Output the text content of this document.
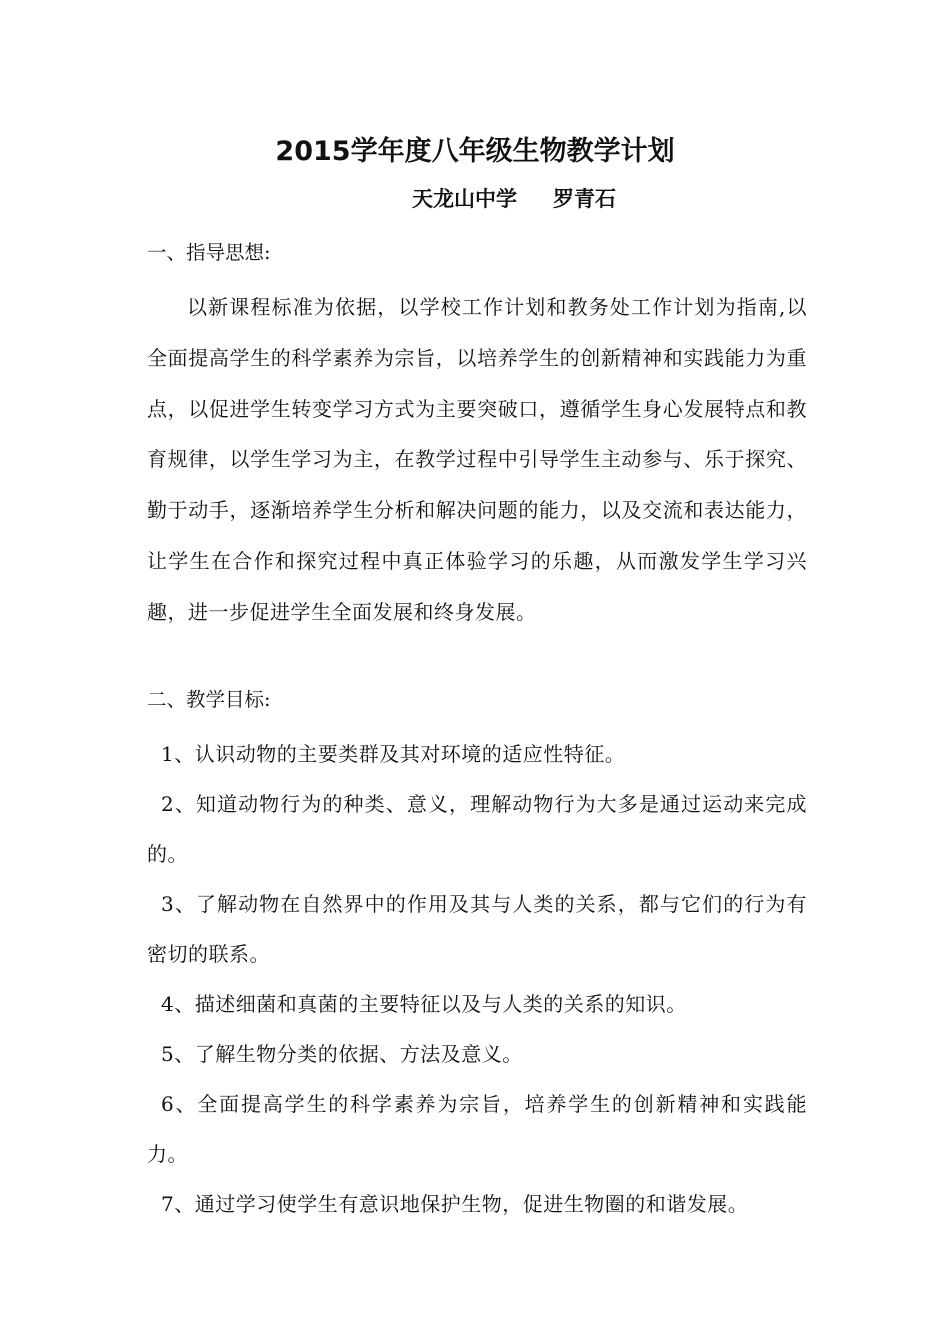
2015学年度八年级生物教学计划
天龙山中学 罗青石
一、指导思想:
以新课程标准为依据，以学校工作计划和教务处工作计划为指南,以全面提高学生的科学素养为宗旨，以培养学生的创新精神和实践能力为重点，以促进学生转变学习方式为主要突破口，遵循学生身心发展特点和教育规律，以学生学习为主，在教学过程中引导学生主动参与、乐于探究、勤于动手，逐渐培养学生分析和解决问题的能力，以及交流和表达能力，让学生在合作和探究过程中真正体验学习的乐趣，从而激发学生学习兴趣，进一步促进学生全面发展和终身发展。
二、教学目标:
1、认识动物的主要类群及其对环境的适应性特征。
2、知道动物行为的种类、意义，理解动物行为大多是通过运动来完成的。
3、了解动物在自然界中的作用及其与人类的关系，都与它们的行为有密切的联系。
4、描述细菌和真菌的主要特征以及与人类的关系的知识。
5、了解生物分类的依据、方法及意义。
6、全面提高学生的科学素养为宗旨，培养学生的创新精神和实践能力。
7、通过学习使学生有意识地保护生物，促进生物圈的和谐发展。
